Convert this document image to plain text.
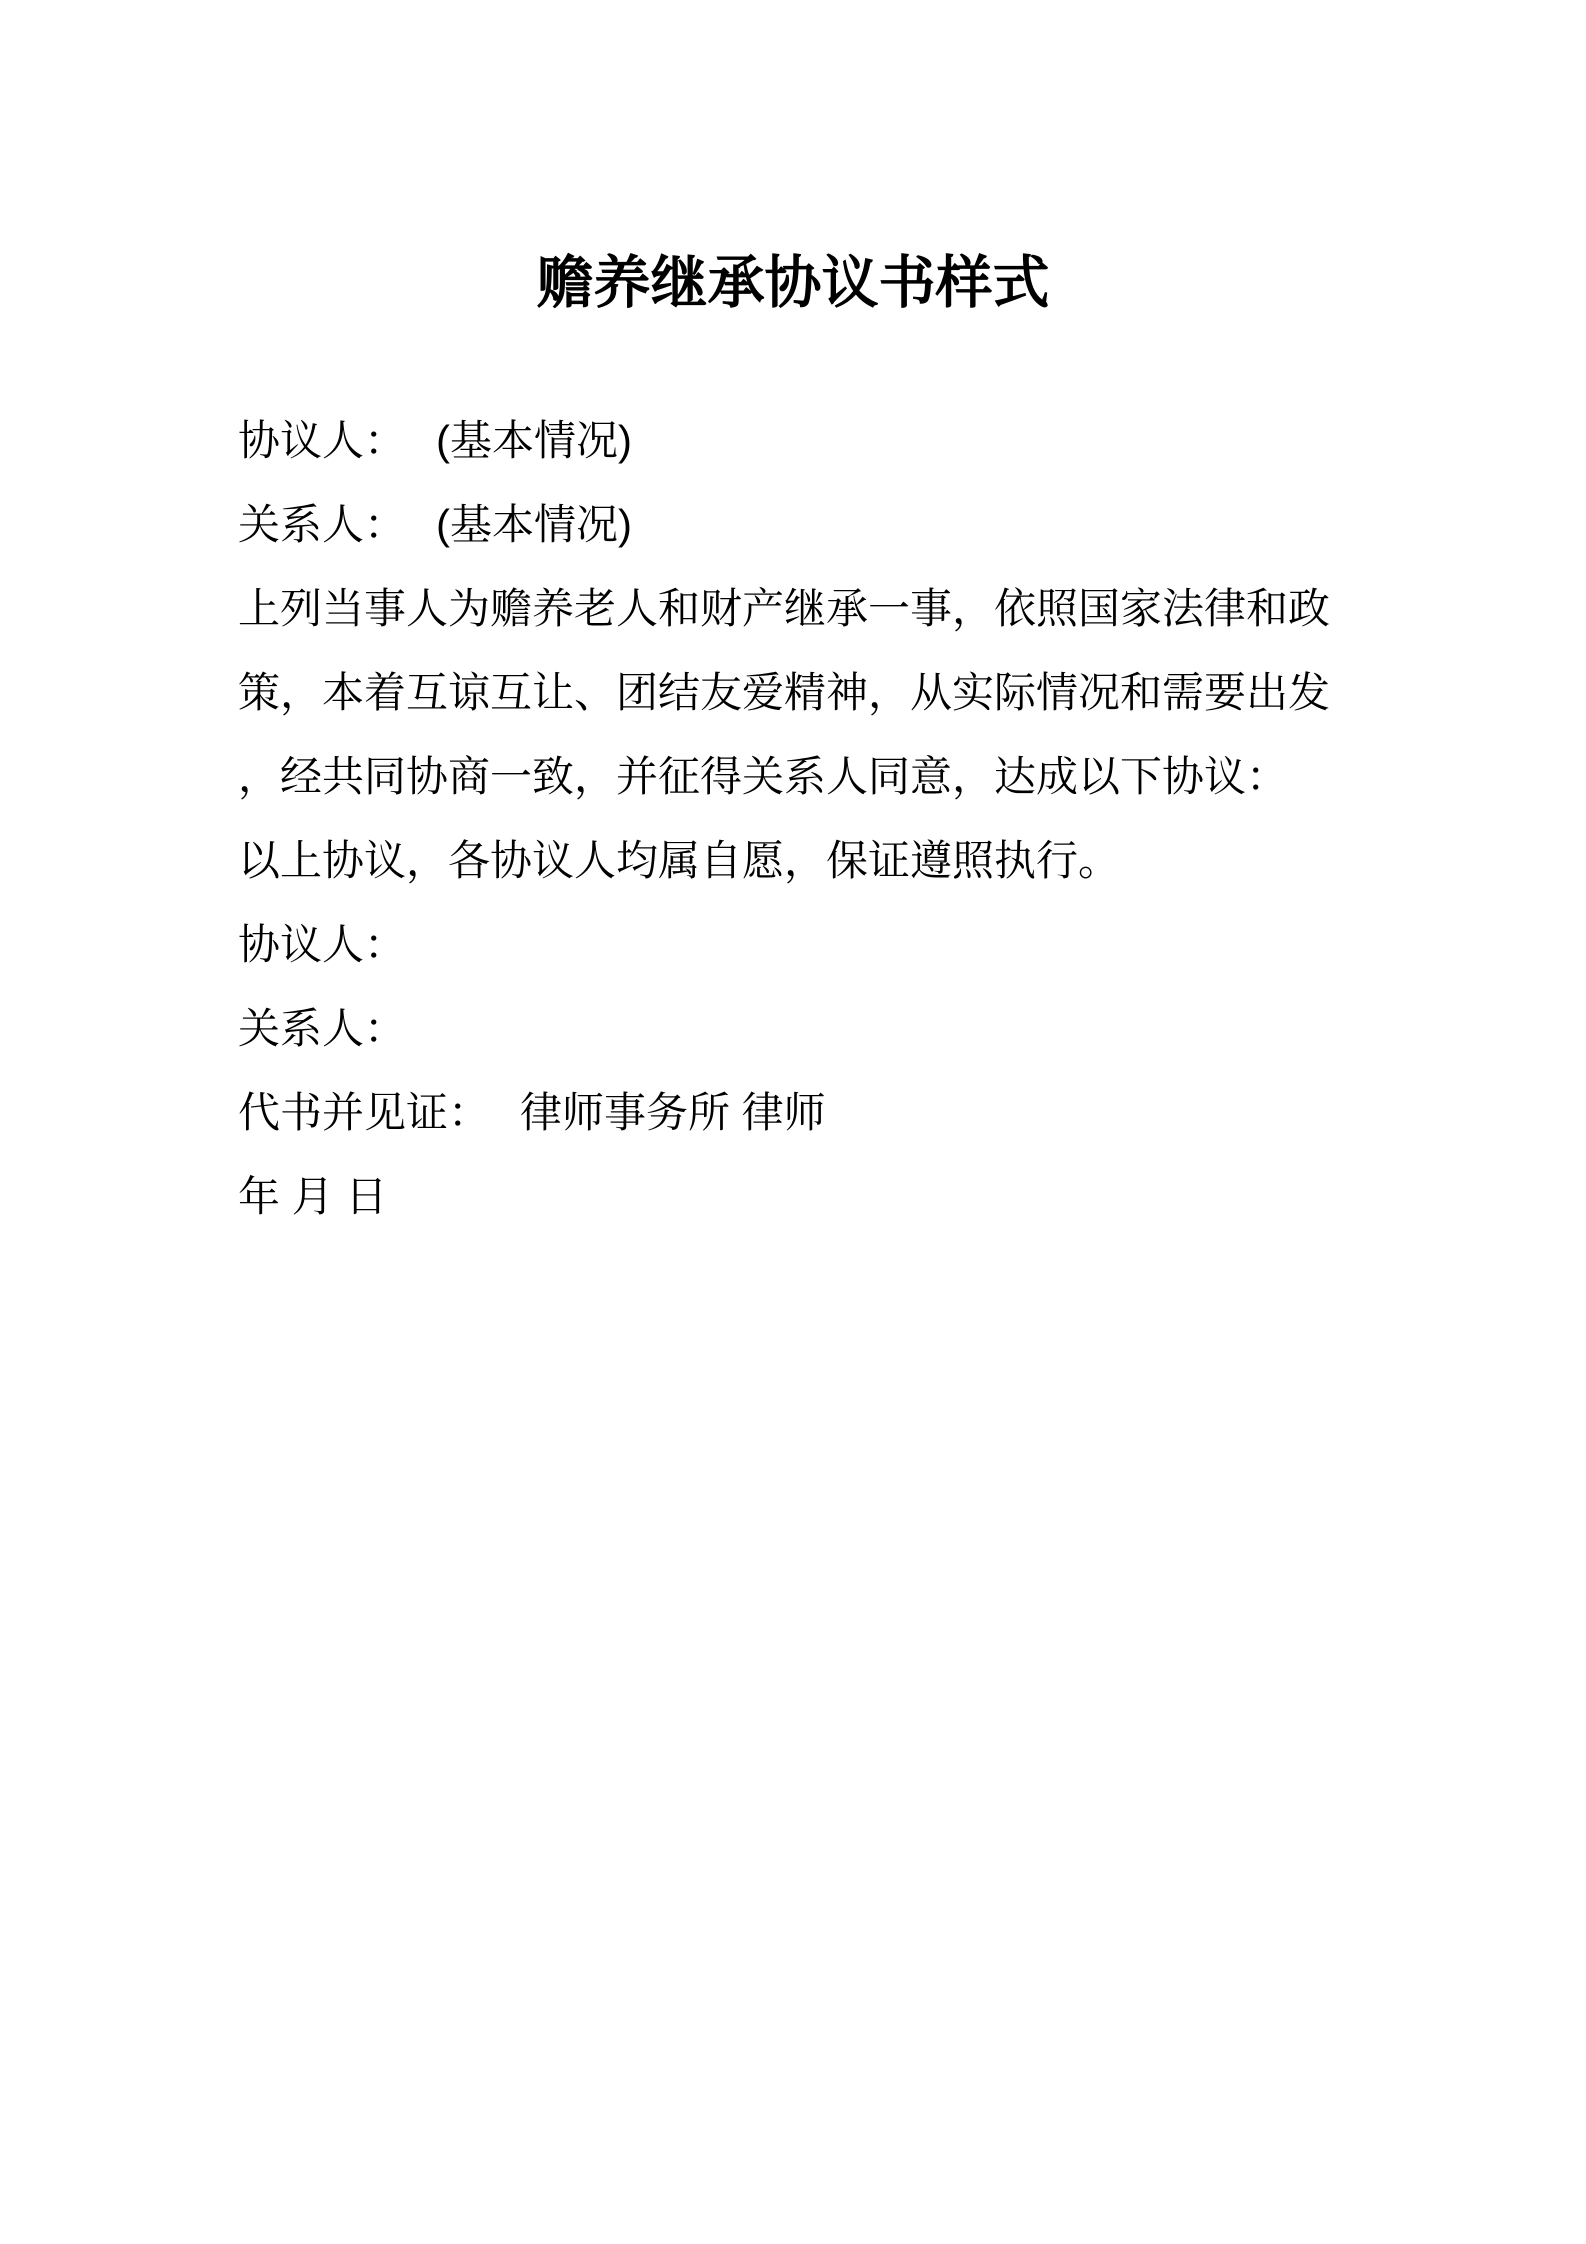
赡养继承协议书样式
协议人： (基本情况)
关系人： (基本情况)
上列当事人为赡养老人和财产继承一事，依照国家法律和政
策，本着互谅互让、团结友爱精神，从实际情况和需要出发
，经共同协商一致，并征得关系人同意，达成以下协议：
以上协议，各协议人均属自愿，保证遵照执行。
协议人：
关系人：
代书并见证： 律师事务所 律师
年 月 日
